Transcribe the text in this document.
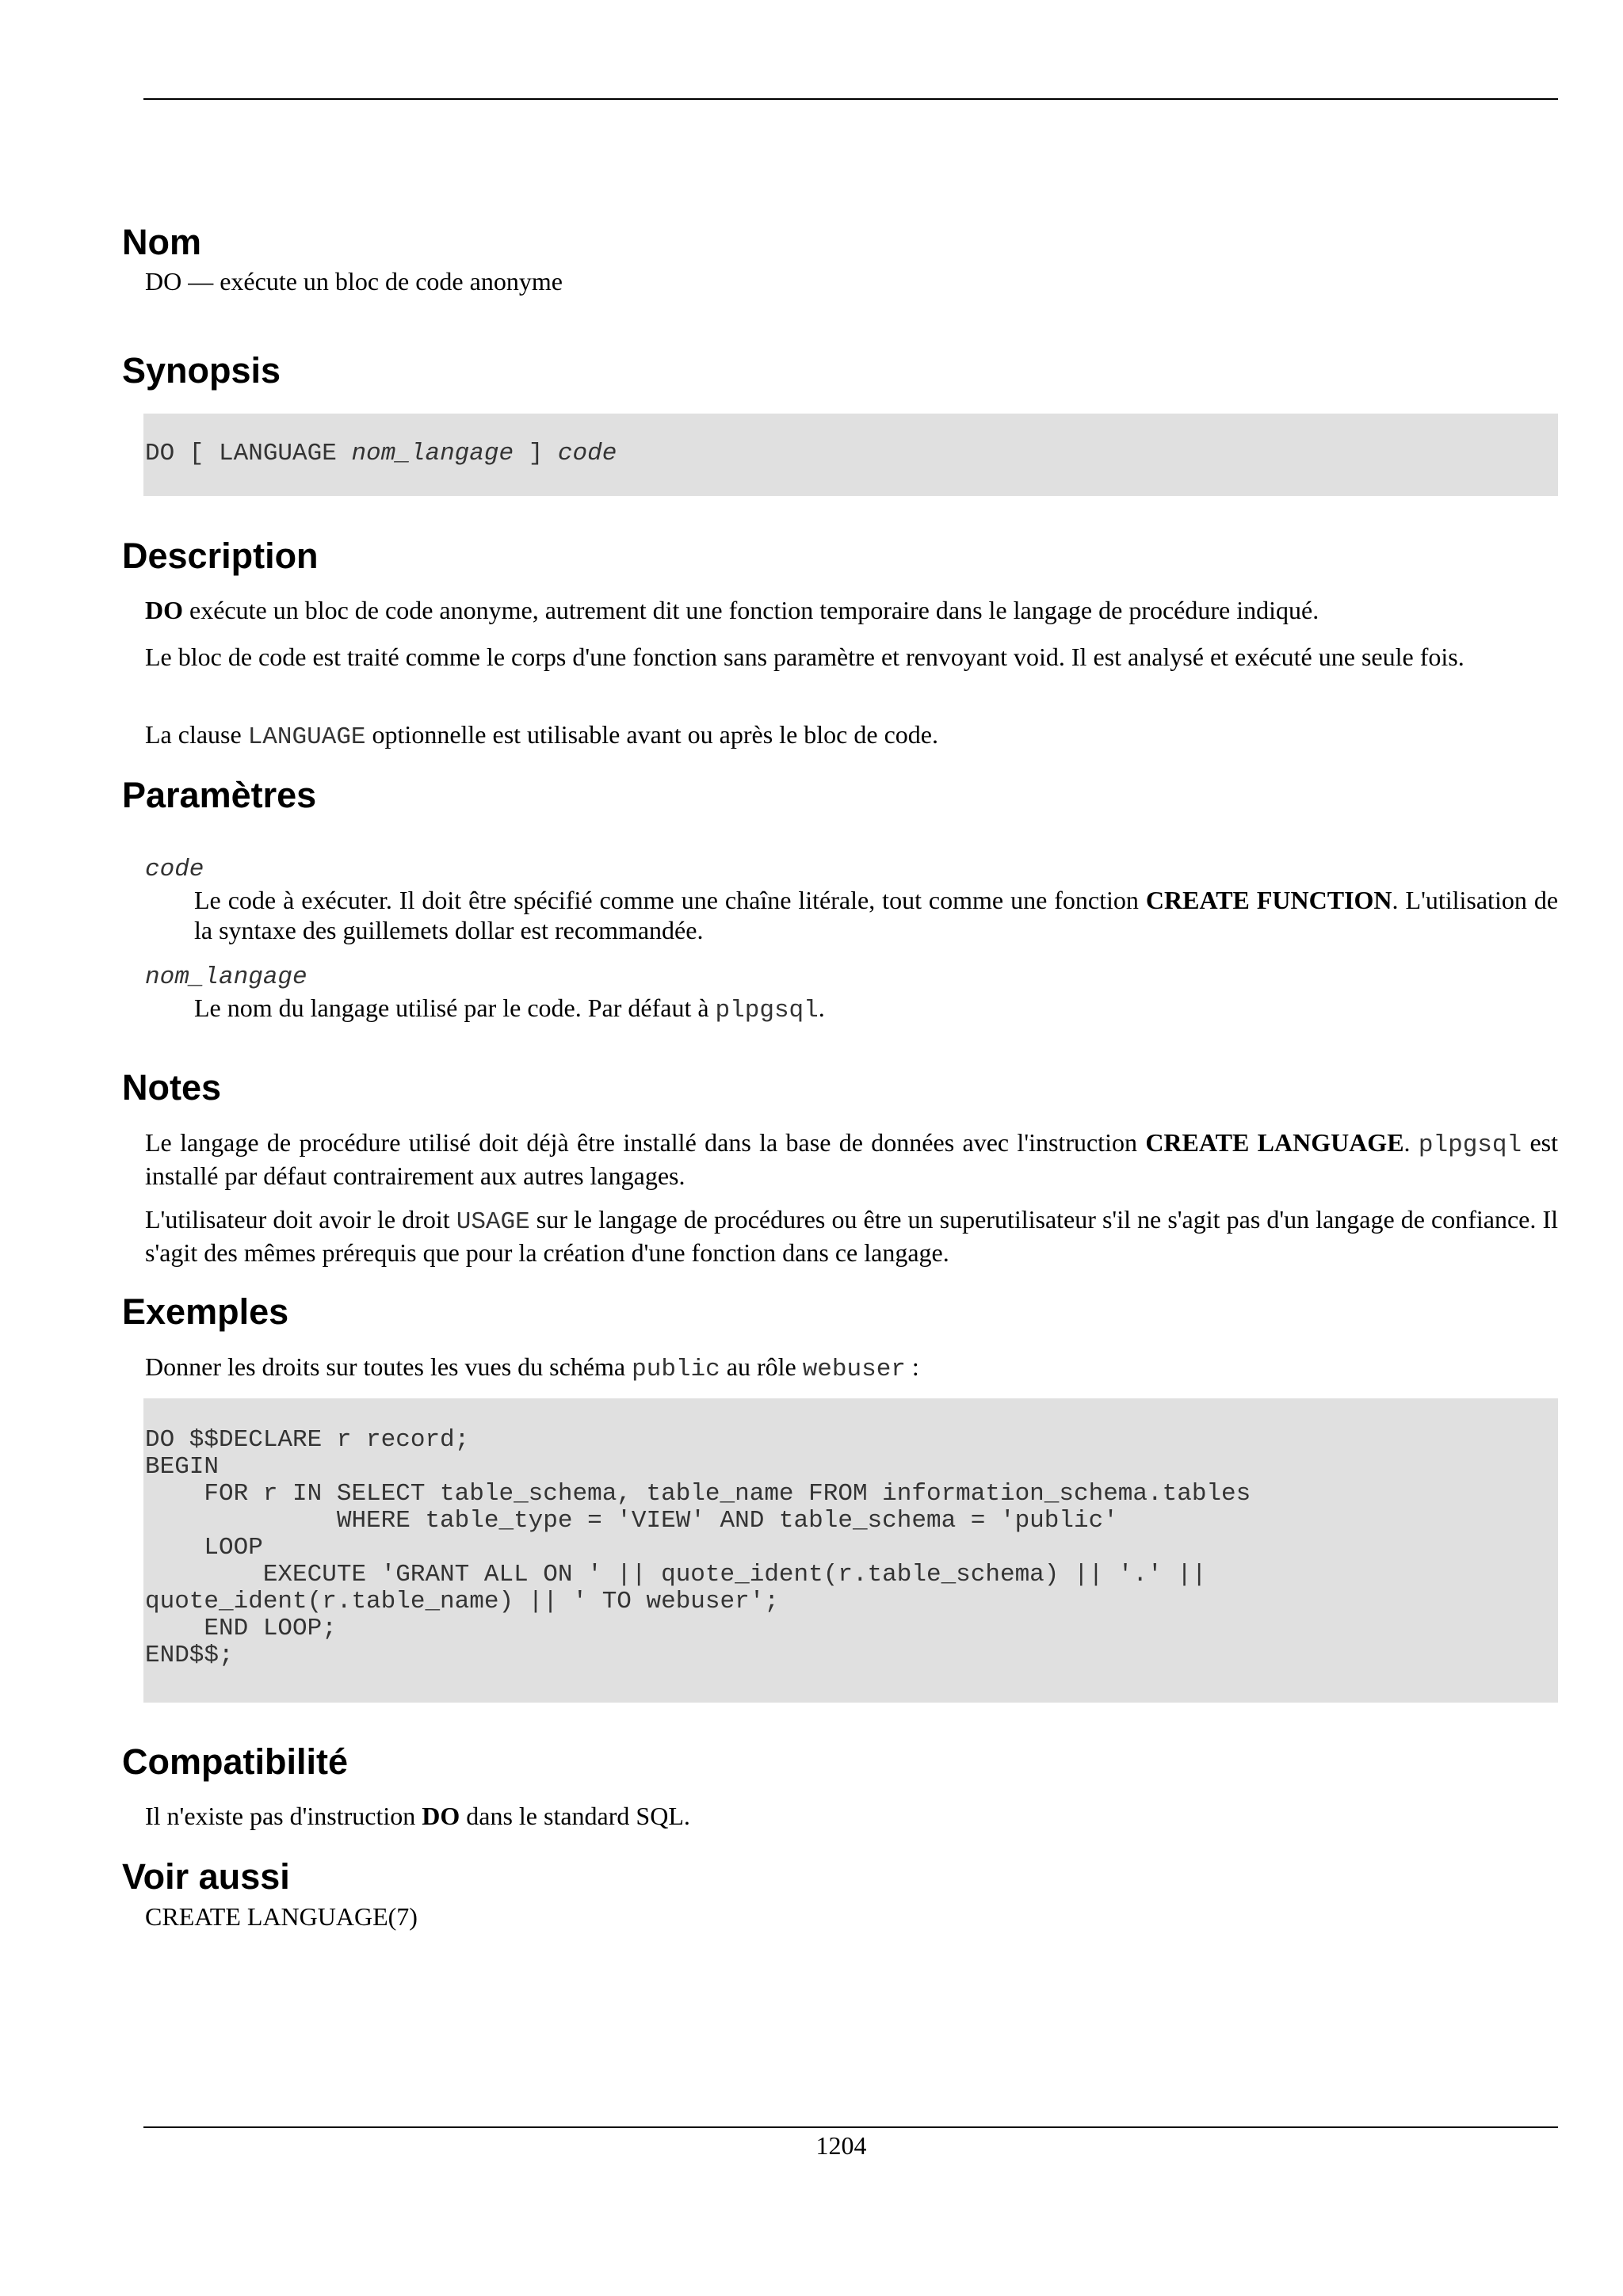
Nom
DO — exécute un bloc de code anonyme
Synopsis
DO [ LANGUAGE nom_langage ] code
Description
DO exécute un bloc de code anonyme, autrement dit une fonction temporaire dans le langage de procédure indiqué.
Le bloc de code est traité comme le corps d'une fonction sans paramètre et renvoyant void. Il est analysé et exécuté une seule fois.
La clause LANGUAGE optionnelle est utilisable avant ou après le bloc de code.
Paramètres
code
Le code à exécuter. Il doit être spécifié comme une chaîne litérale, tout comme une fonction CREATE FUNCTION. L'utilisation de la syntaxe des guillemets dollar est recommandée.
nom_langage
Le nom du langage utilisé par le code. Par défaut à plpgsql.
Notes
Le langage de procédure utilisé doit déjà être installé dans la base de données avec l'instruction CREATE LANGUAGE. plpgsql est installé par défaut contrairement aux autres langages.
L'utilisateur doit avoir le droit USAGE sur le langage de procédures ou être un superutilisateur s'il ne s'agit pas d'un langage de confiance. Il s'agit des mêmes prérequis que pour la création d'une fonction dans ce langage.
Exemples
Donner les droits sur toutes les vues du schéma public au rôle webuser :
DO $$DECLARE r record;
BEGIN
FOR r IN SELECT table_schema, table_name FROM information_schema.tables
WHERE table_type = 'VIEW' AND table_schema = 'public'
LOOP
EXECUTE 'GRANT ALL ON ' || quote_ident(r.table_schema) || '.' ||
quote_ident(r.table_name) || ' TO webuser';
END LOOP;
END$$;
Compatibilité
Il n'existe pas d'instruction DO dans le standard SQL.
Voir aussi
CREATE LANGUAGE(7)
1204
